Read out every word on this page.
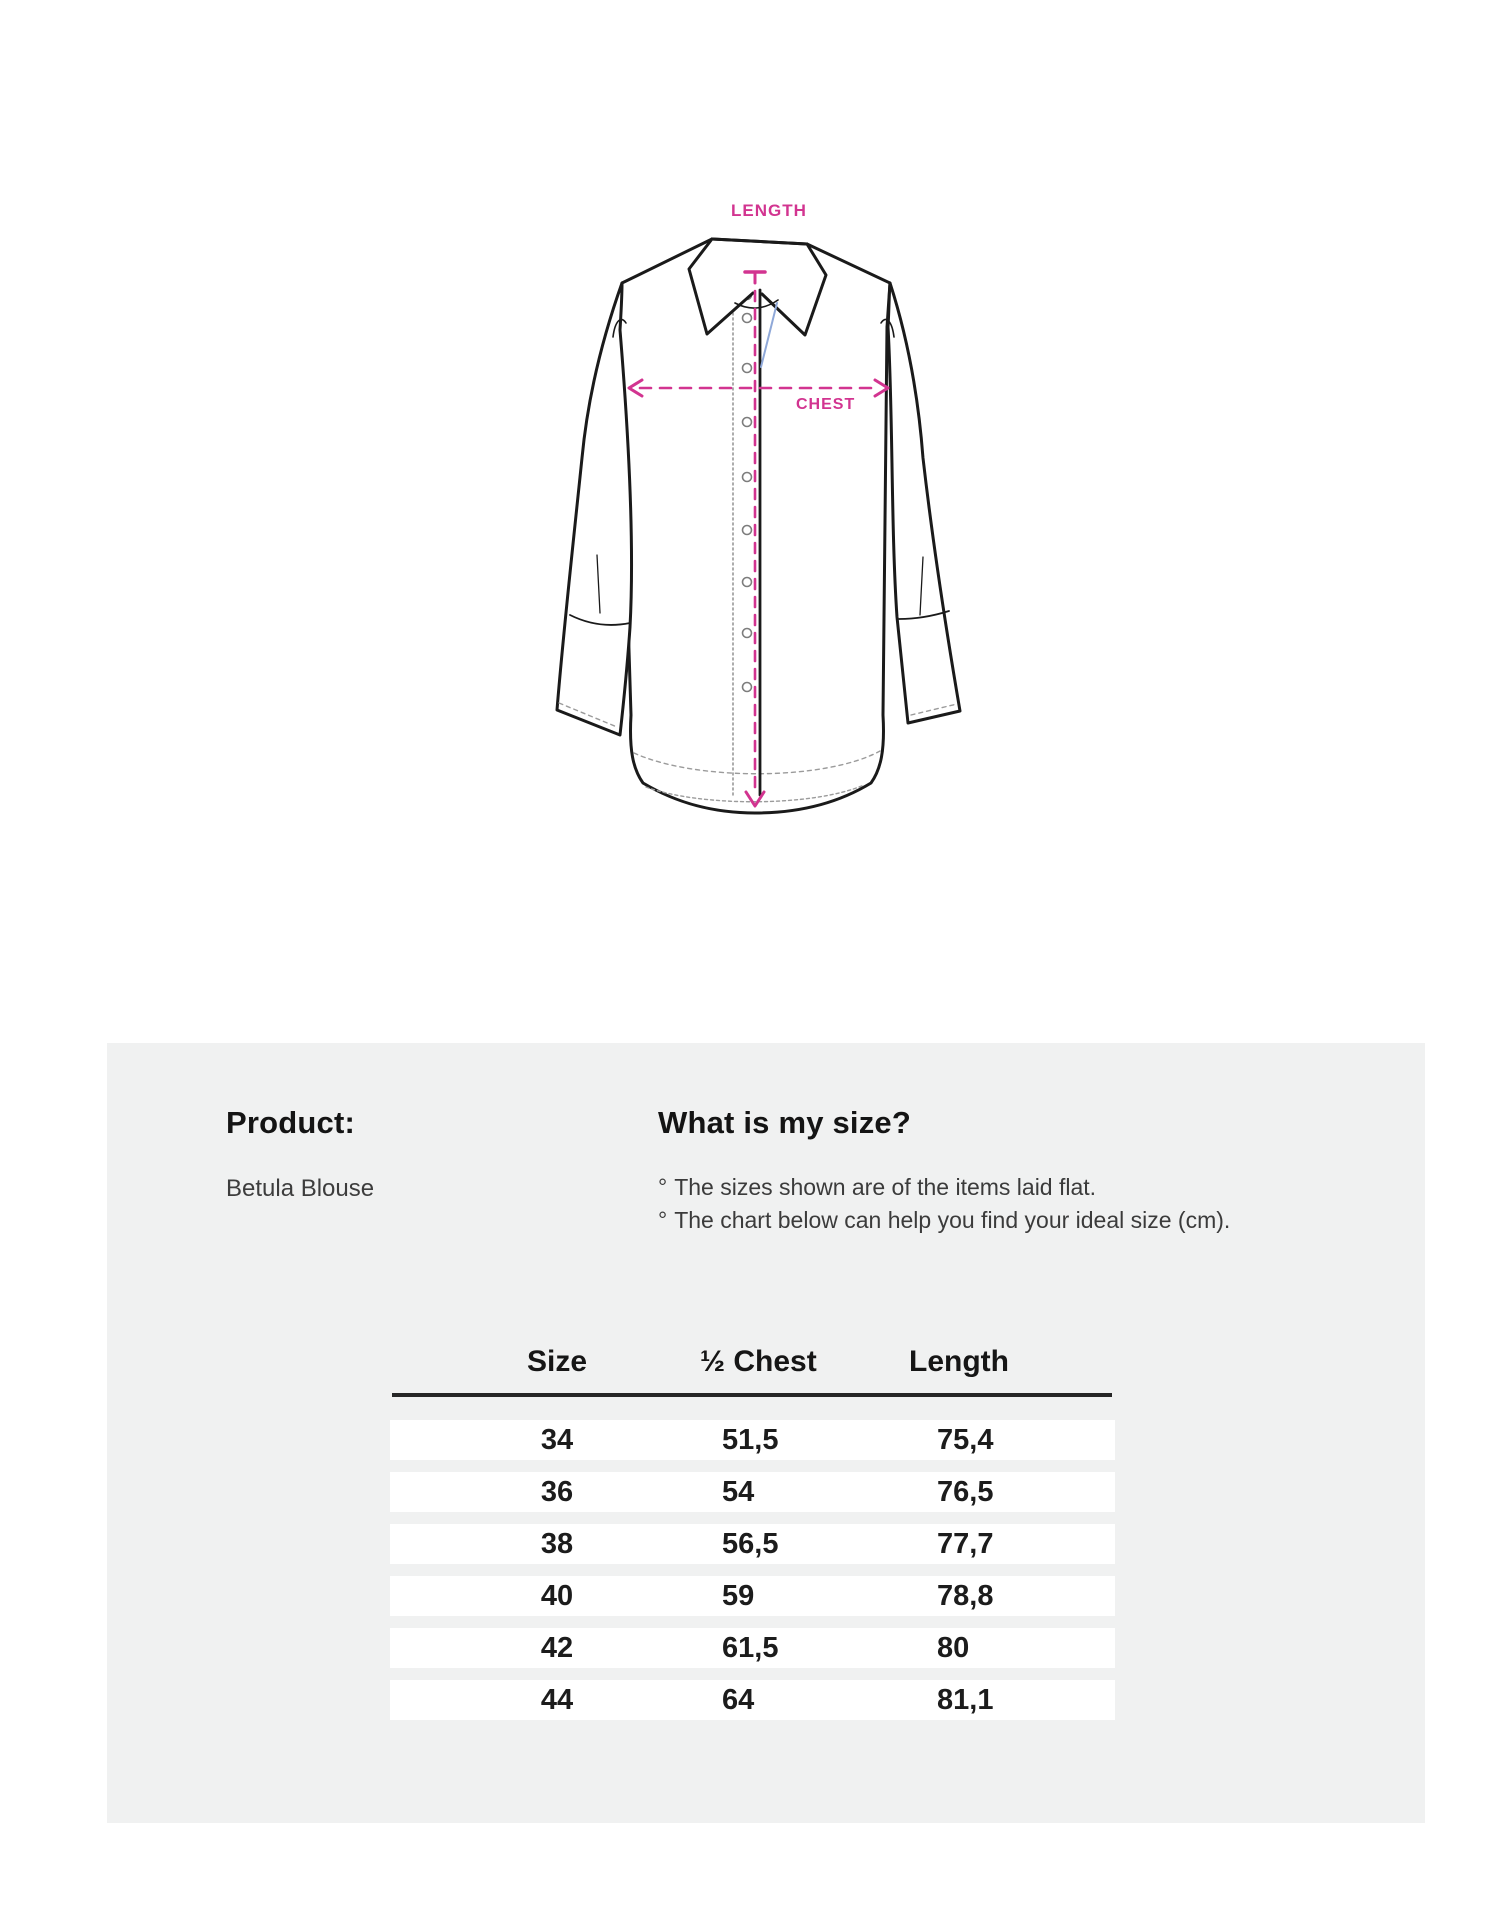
LENGTH
CHEST
Product:
Betula Blouse
What is my size?
° The sizes shown are of the items laid flat.
° The chart below can help you find your ideal size (cm).
Size	½ Chest	Length
34	51,5	75,4
36	54	76,5
38	56,5	77,7
40	59	78,8
42	61,5	80
44	64	81,1
